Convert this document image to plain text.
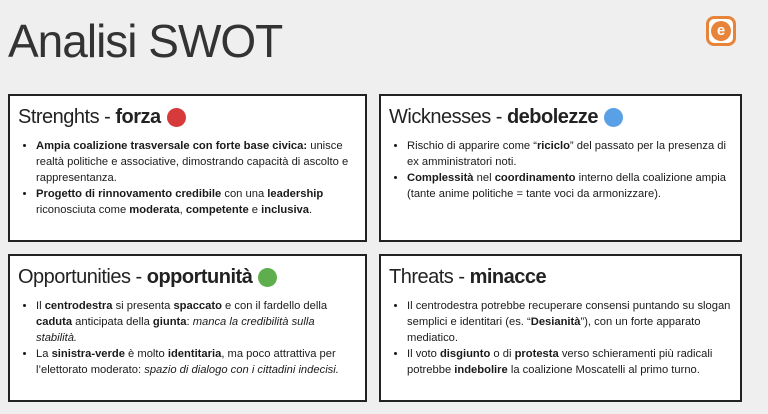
Analisi SWOT	e
Strenghts - forza
• Ampia coalizione trasversale con forte base civica: unisce realtà politiche e associative, dimostrando capacità di ascolto e rappresentanza.
• Progetto di rinnovamento credibile con una leadership riconosciuta come moderata, competente e inclusiva.
Wicknesses - debolezze
• Rischio di apparire come “riciclo” del passato per la presenza di ex amministratori noti.
• Complessità nel coordinamento interno della coalizione ampia (tante anime politiche = tante voci da armonizzare).
Opportunities - opportunità
• Il centrodestra si presenta spaccato e con il fardello della caduta anticipata della giunta: manca la credibilità sulla stabilità.
• La sinistra-verde è molto identitaria, ma poco attrattiva per l’elettorato moderato: spazio di dialogo con i cittadini indecisi.
Threats - minacce
• Il centrodestra potrebbe recuperare consensi puntando su slogan semplici e identitari (es. “Desianità”), con un forte apparato mediatico.
• Il voto disgiunto o di protesta verso schieramenti più radicali potrebbe indebolire la coalizione Moscatelli al primo turno.
